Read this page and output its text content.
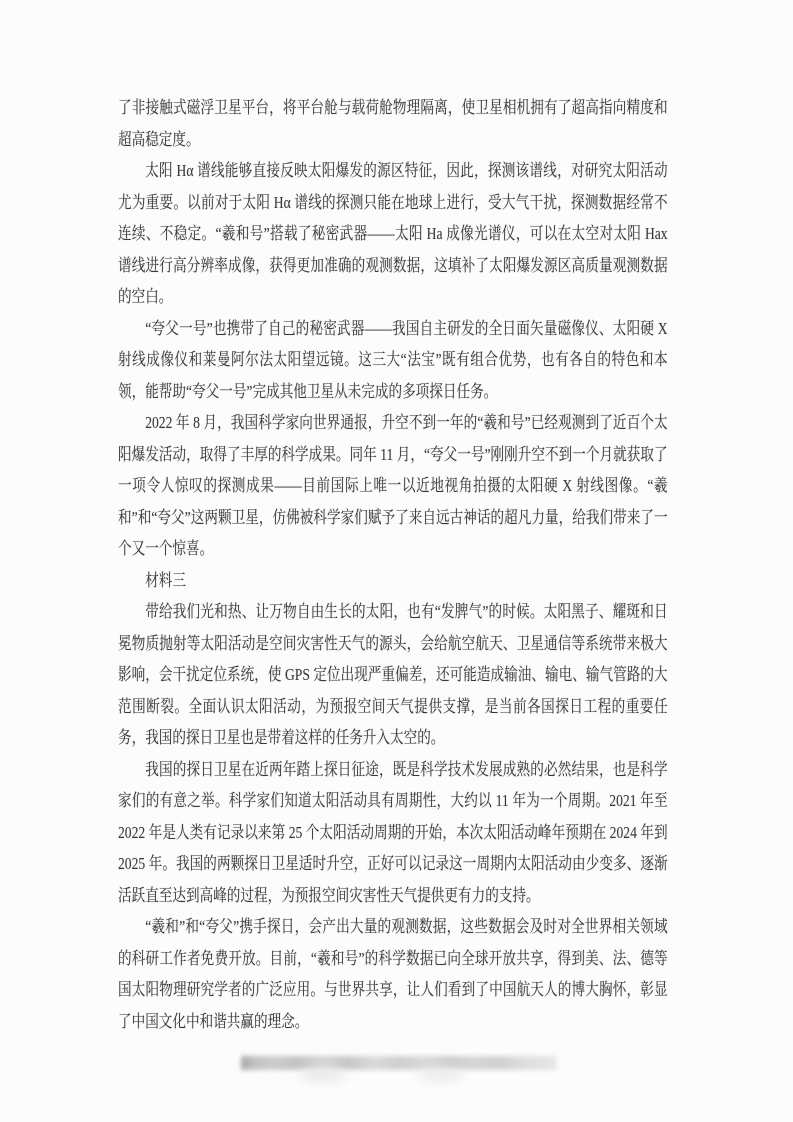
了非接触式磁浮卫星平台，将平台舱与载荷舱物理隔离，使卫星相机拥有了超高指向精度和超高稳定度。

太阳 Hα 谱线能够直接反映太阳爆发的源区特征，因此，探测该谱线，对研究太阳活动尤为重要。以前对于太阳 Hα 谱线的探测只能在地球上进行，受大气干扰，探测数据经常不连续、不稳定。“羲和号”搭载了秘密武器——太阳 Ha 成像光谱仪，可以在太空对太阳 Hax 谱线进行高分辨率成像，获得更加准确的观测数据，这填补了太阳爆发源区高质量观测数据的空白。

“夸父一号”也携带了自己的秘密武器——我国自主研发的全日面矢量磁像仪、太阳硬 X 射线成像仪和莱曼阿尔法太阳望远镜。这三大“法宝”既有组合优势，也有各自的特色和本领，能帮助“夸父一号”完成其他卫星从未完成的多项探日任务。

2022 年 8 月，我国科学家向世界通报，升空不到一年的“羲和号”已经观测到了近百个太阳爆发活动，取得了丰厚的科学成果。同年 11 月，“夸父一号”刚刚升空不到一个月就获取了一项令人惊叹的探测成果——目前国际上唯一以近地视角拍摄的太阳硬 X 射线图像。“羲和”和“夸父”这两颗卫星，仿佛被科学家们赋予了来自远古神话的超凡力量，给我们带来了一个又一个惊喜。

材料三

带给我们光和热、让万物自由生长的太阳，也有“发脾气”的时候。太阳黑子、耀斑和日冕物质抛射等太阳活动是空间灾害性天气的源头，会给航空航天、卫星通信等系统带来极大影响，会干扰定位系统，使 GPS 定位出现严重偏差，还可能造成输油、输电、输气管路的大范围断裂。全面认识太阳活动，为预报空间天气提供支撑，是当前各国探日工程的重要任务，我国的探日卫星也是带着这样的任务升入太空的。

我国的探日卫星在近两年踏上探日征途，既是科学技术发展成熟的必然结果，也是科学家们的有意之举。科学家们知道太阳活动具有周期性，大约以 11 年为一个周期。2021 年至 2022 年是人类有记录以来第 25 个太阳活动周期的开始，本次太阳活动峰年预期在 2024 年到 2025 年。我国的两颗探日卫星适时升空，正好可以记录这一周期内太阳活动由少变多、逐渐活跃直至达到高峰的过程，为预报空间灾害性天气提供更有力的支持。

“羲和”和“夸父”携手探日，会产出大量的观测数据，这些数据会及时对全世界相关领域的科研工作者免费开放。目前，“羲和号”的科学数据已向全球开放共享，得到美、法、德等国太阳物理研究学者的广泛应用。与世界共享，让人们看到了中国航天人的博大胸怀，彰显了中国文化中和谐共赢的理念。
